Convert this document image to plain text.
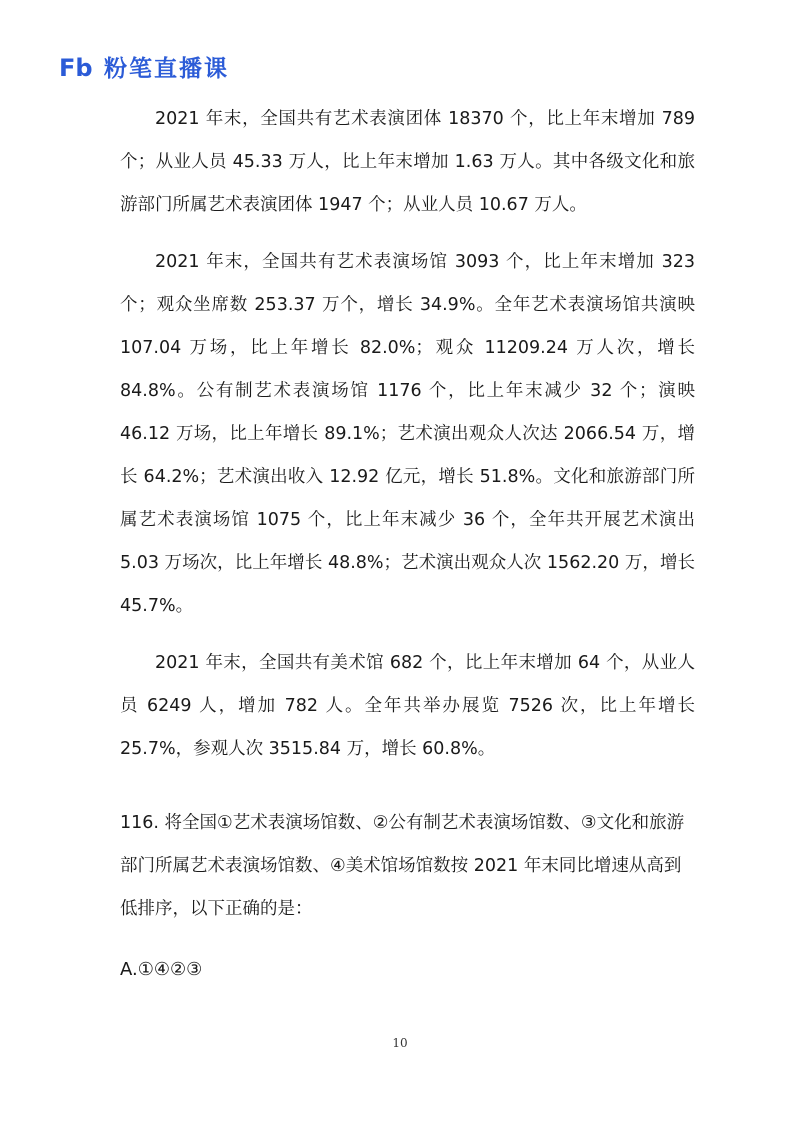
Fb 粉笔直播课

2021 年末，全国共有艺术表演团体 18370 个，比上年末增加 789 个；从业人员 45.33 万人，比上年末增加 1.63 万人。其中各级文化和旅游部门所属艺术表演团体 1947 个；从业人员 10.67 万人。

2021 年末，全国共有艺术表演场馆 3093 个，比上年末增加 323 个；观众坐席数 253.37 万个，增长 34.9%。全年艺术表演场馆共演映 107.04 万场，比上年增长 82.0%；观众 11209.24 万人次，增长 84.8%。公有制艺术表演场馆 1176 个，比上年末减少 32 个；演映 46.12 万场，比上年增长 89.1%；艺术演出观众人次达 2066.54 万，增长 64.2%；艺术演出收入 12.92 亿元，增长 51.8%。文化和旅游部门所属艺术表演场馆 1075 个，比上年末减少 36 个，全年共开展艺术演出 5.03 万场次，比上年增长 48.8%；艺术演出观众人次 1562.20 万，增长 45.7%。

2021 年末，全国共有美术馆 682 个，比上年末增加 64 个，从业人员 6249 人，增加 782 人。全年共举办展览 7526 次，比上年增长 25.7%，参观人次 3515.84 万，增长 60.8%。

116. 将全国①艺术表演场馆数、②公有制艺术表演场馆数、③文化和旅游部门所属艺术表演场馆数、④美术馆场馆数按 2021 年末同比增速从高到低排序，以下正确的是：
A.①④②③
10
